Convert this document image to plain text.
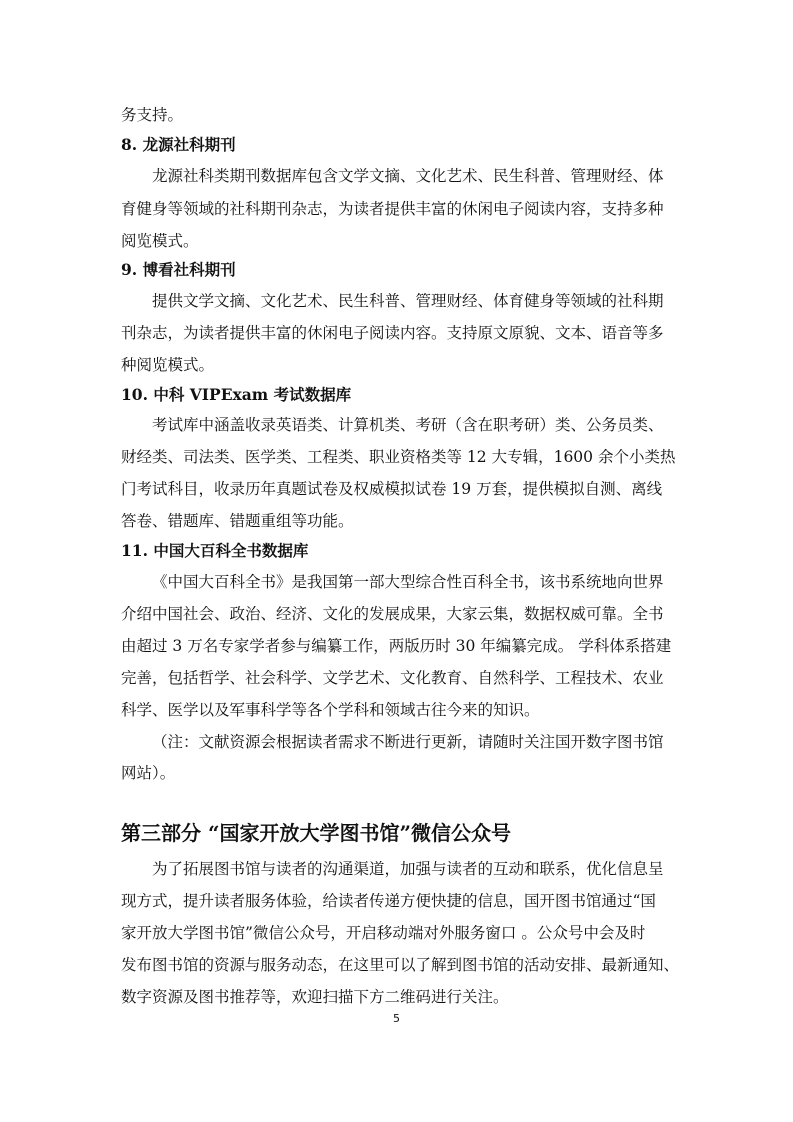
务支持。
8. 龙源社科期刊
龙源社科类期刊数据库包含文学文摘、文化艺术、民生科普、管理财经、体
育健身等领域的社科期刊杂志，为读者提供丰富的休闲电子阅读内容，支持多种
阅览模式。
9. 博看社科期刊
提供文学文摘、文化艺术、民生科普、管理财经、体育健身等领域的社科期
刊杂志，为读者提供丰富的休闲电子阅读内容。支持原文原貌、文本、语音等多
种阅览模式。
10. 中科 VIPExam 考试数据库
考试库中涵盖收录英语类、计算机类、考研（含在职考研）类、公务员类、
财经类、司法类、医学类、工程类、职业资格类等 12 大专辑，1600 余个小类热
门考试科目，收录历年真题试卷及权威模拟试卷 19 万套，提供模拟自测、离线
答卷、错题库、错题重组等功能。
11. 中国大百科全书数据库
《中国大百科全书》是我国第一部大型综合性百科全书，该书系统地向世界
介绍中国社会、政治、经济、文化的发展成果，大家云集，数据权威可靠。全书
由超过 3 万名专家学者参与编纂工作，两版历时 30 年编纂完成。 学科体系搭建
完善，包括哲学、社会科学、文学艺术、文化教育、自然科学、工程技术、农业
科学、医学以及军事科学等各个学科和领域古往今来的知识。
（注：文献资源会根据读者需求不断进行更新，请随时关注国开数字图书馆
网站）。
第三部分 “国家开放大学图书馆”微信公众号
为了拓展图书馆与读者的沟通渠道，加强与读者的互动和联系，优化信息呈
现方式，提升读者服务体验，给读者传递方便快捷的信息，国开图书馆通过“国
家开放大学图书馆”微信公众号，开启移动端对外服务窗口 。公众号中会及时
发布图书馆的资源与服务动态，在这里可以了解到图书馆的活动安排、最新通知、
数字资源及图书推荐等，欢迎扫描下方二维码进行关注。
5
